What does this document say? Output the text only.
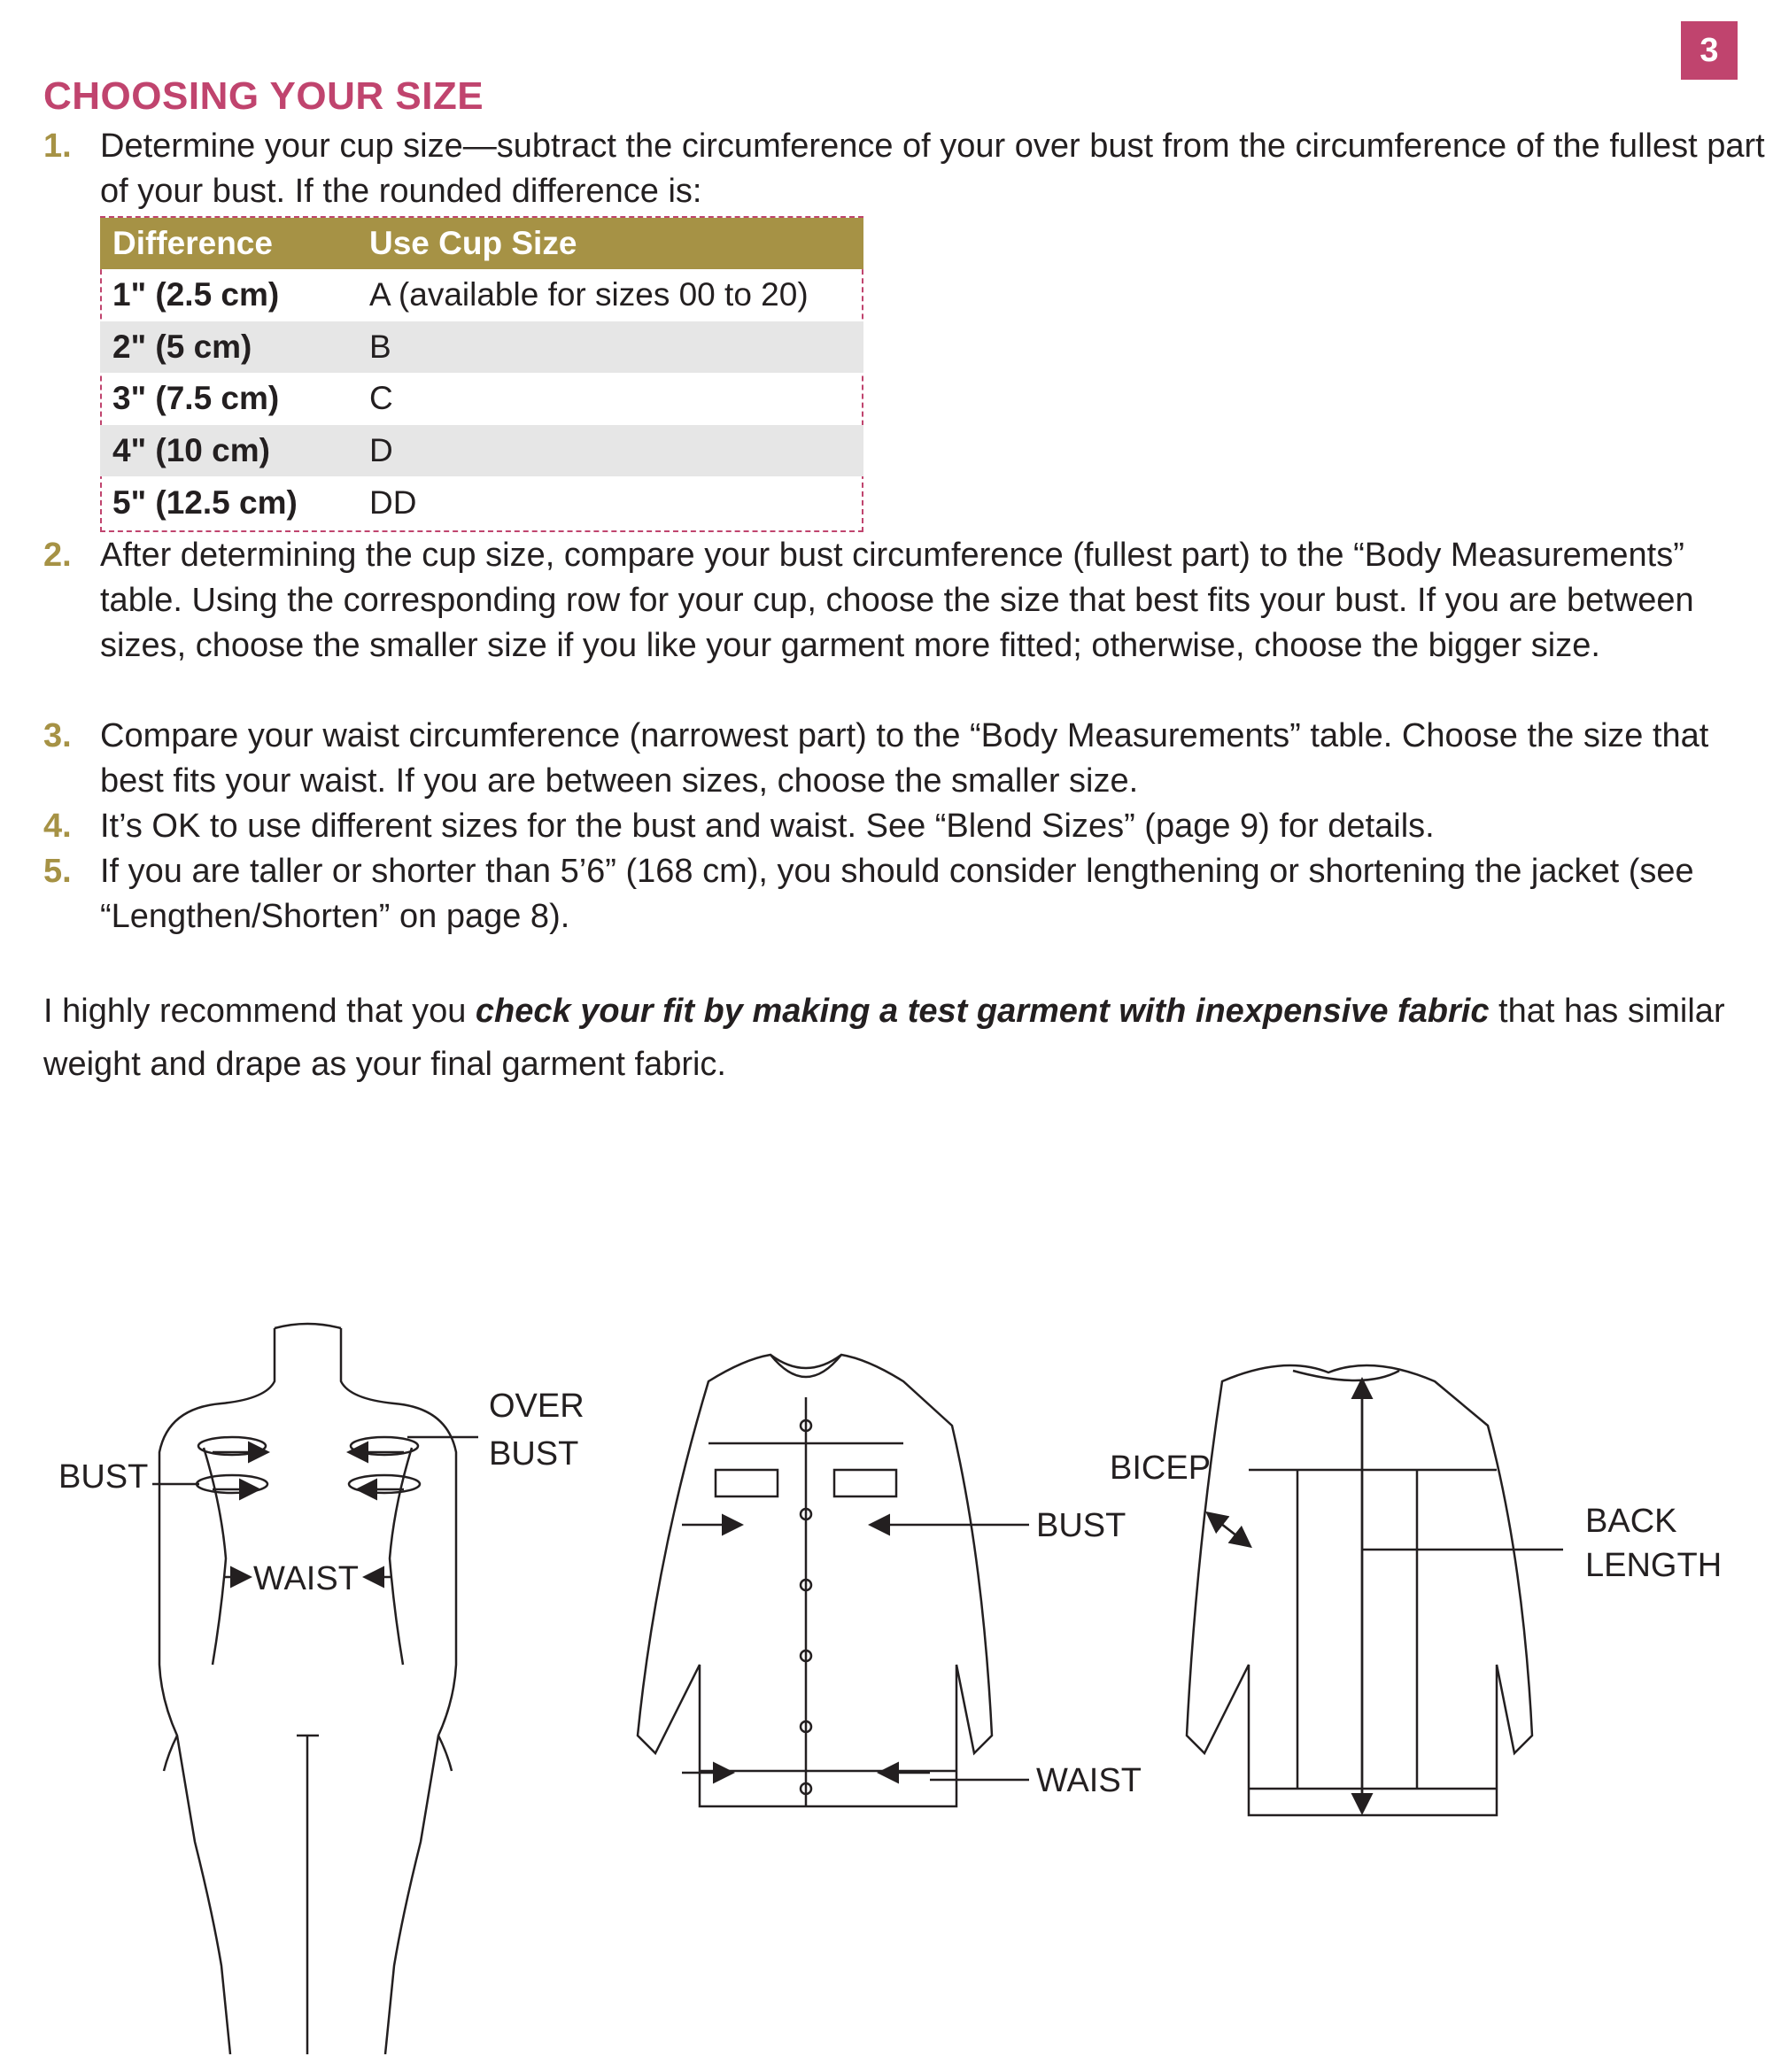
3
CHOOSING YOUR SIZE
1. Determine your cup size—subtract the circumference of your over bust from the circumference of the fullest part of your bust. If the rounded difference is:
Difference	Use Cup Size
1" (2.5 cm)	A (available for sizes 00 to 20)
2" (5 cm)	B
3" (7.5 cm)	C
4" (10 cm)	D
5" (12.5 cm)	DD
2. After determining the cup size, compare your bust circumference (fullest part) to the “Body Measurements” table. Using the corresponding row for your cup, choose the size that best fits your bust. If you are between sizes, choose the smaller size if you like your garment more fitted; otherwise, choose the bigger size.
3. Compare your waist circumference (narrowest part) to the “Body Measurements” table. Choose the size that best fits your waist. If you are between sizes, choose the smaller size.
4. It’s OK to use different sizes for the bust and waist. See “Blend Sizes” (page 9) for details.
5. If you are taller or shorter than 5’6” (168 cm), you should consider lengthening or shortening the jacket (see “Lengthen/Shorten” on page 8).

I highly recommend that you check your fit by making a test garment with inexpensive fabric that has similar weight and drape as your final garment fabric.

BUST
OVER
BUST
WAIST
BICEP
BUST
WAIST
BACK
LENGTH
